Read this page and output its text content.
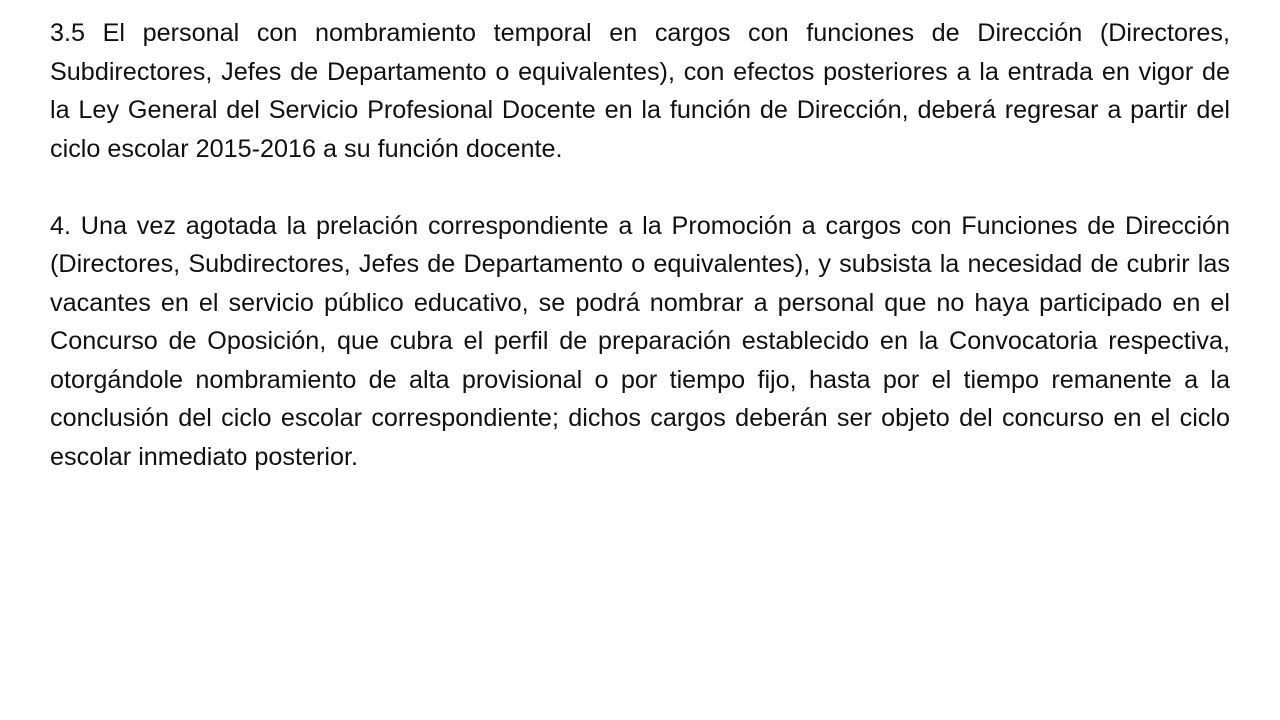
3.5 El personal con nombramiento temporal en cargos con funciones de Dirección (Directores, Subdirectores, Jefes de Departamento o equivalentes), con efectos posteriores a la entrada en vigor de la Ley General del Servicio Profesional Docente en la función de Dirección, deberá regresar a partir del ciclo escolar 2015-2016 a su función docente.

4. Una vez agotada la prelación correspondiente a la Promoción a cargos con Funciones de Dirección (Directores, Subdirectores, Jefes de Departamento o equivalentes), y subsista la necesidad de cubrir las vacantes en el servicio público educativo, se podrá nombrar a personal que no haya participado en el Concurso de Oposición, que cubra el perfil de preparación establecido en la Convocatoria respectiva, otorgándole nombramiento de alta provisional o por tiempo fijo, hasta por el tiempo remanente a la conclusión del ciclo escolar correspondiente; dichos cargos deberán ser objeto del concurso en el ciclo escolar inmediato posterior.
